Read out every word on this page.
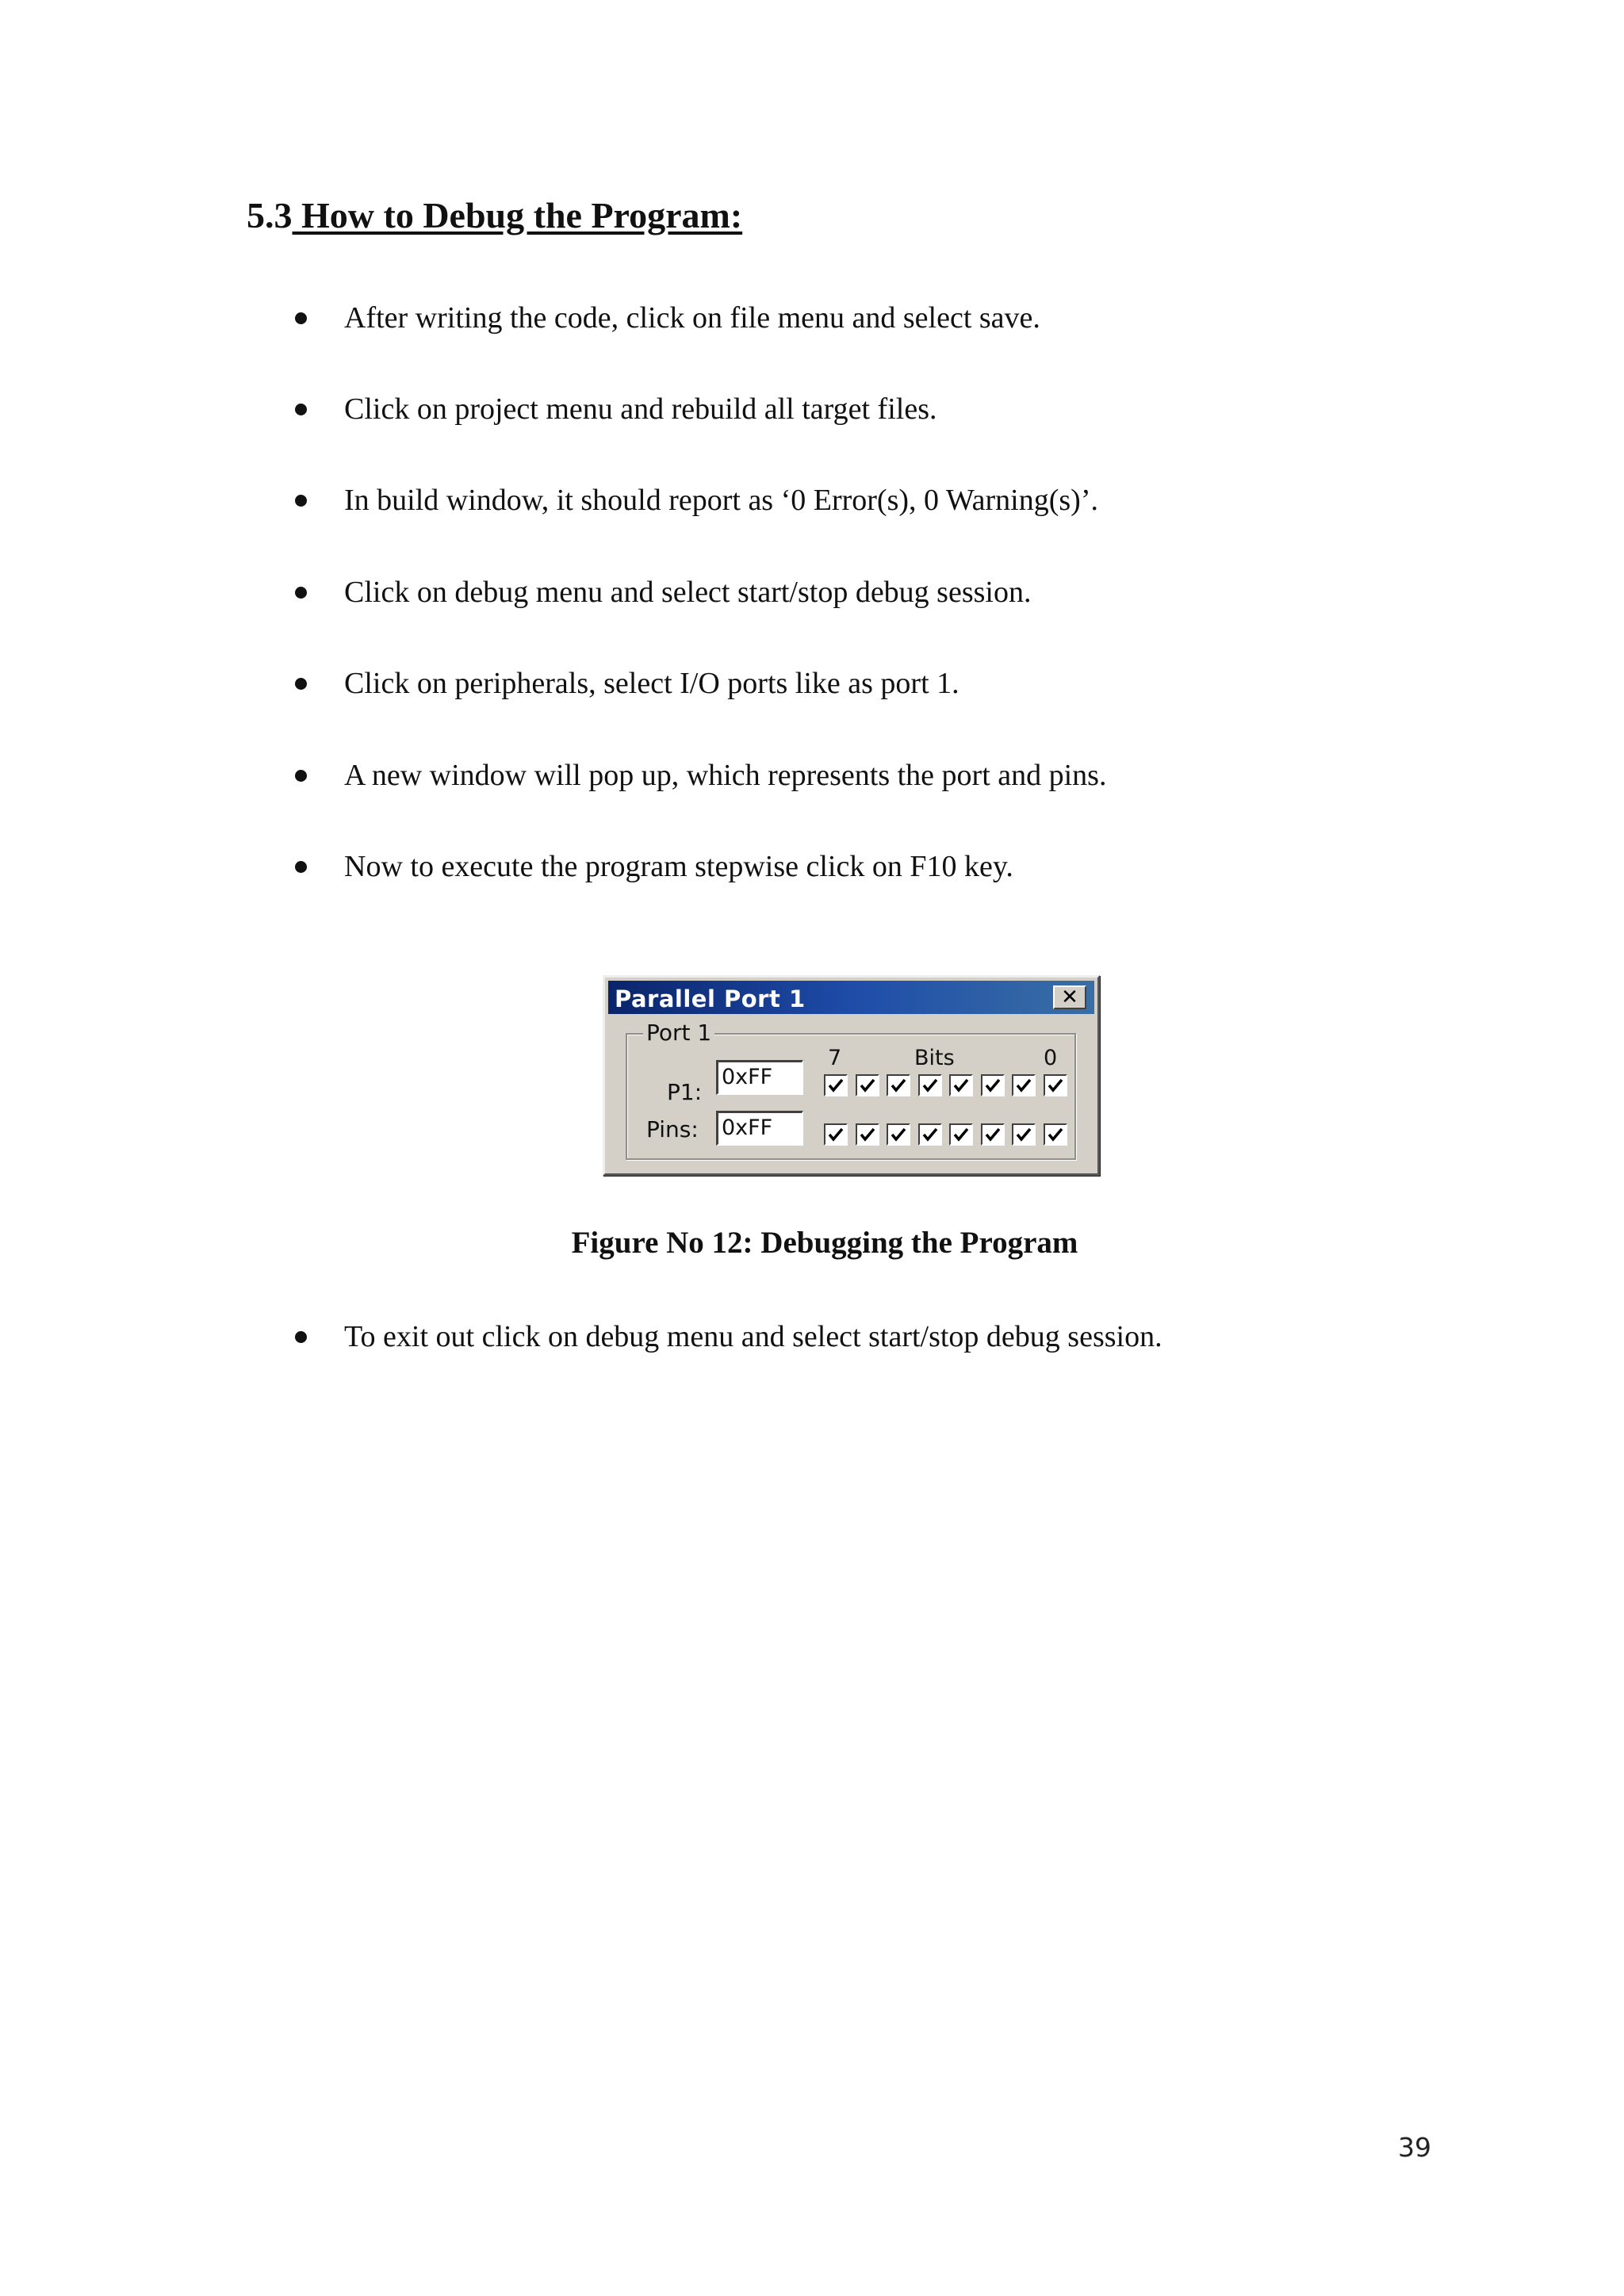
5.3 How to Debug the Program:
After writing the code, click on file menu and select save.
Click on project menu and rebuild all target files.
In build window, it should report as ‘0 Error(s), 0 Warning(s)’.
Click on debug menu and select start/stop debug session.
Click on peripherals, select I/O ports like as port 1.
A new window will pop up, which represents the port and pins.
Now to execute the program stepwise click on F10 key.
Parallel Port 1	✕
Port 1
7	Bits	0
P1:
0xFF
Pins: 0xFF
Figure No 12: Debugging the Program
To exit out click on debug menu and select start/stop debug session.
39
